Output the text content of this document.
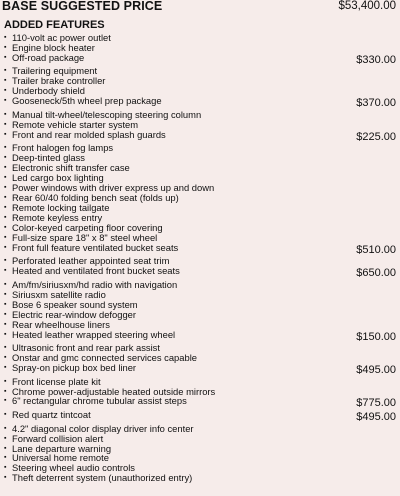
BASE SUGGESTED PRICE	$53,400.00
ADDED FEATURES
▪ 110-volt ac power outlet
▪ Engine block heater
▪ Off-road package	$330.00
▪ Trailering equipment
▪ Trailer brake controller
▪ Underbody shield
▪ Gooseneck/5th wheel prep package	$370.00
▪ Manual tilt-wheel/telescoping steering column
▪ Remote vehicle starter system
▪ Front and rear molded splash guards	$225.00
▪ Front halogen fog lamps
▪ Deep-tinted glass
▪ Electronic shift transfer case
▪ Led cargo box lighting
▪ Power windows with driver express up and down
▪ Rear 60/40 folding bench seat (folds up)
▪ Remote locking tailgate
▪ Remote keyless entry
▪ Color-keyed carpeting floor covering
▪ Full-size spare 18" x 8" steel wheel
▪ Front full feature ventilated bucket seats	$510.00
▪ Perforated leather appointed seat trim
▪ Heated and ventilated front bucket seats	$650.00
▪ Am/fm/siriusxm/hd radio with navigation
▪ Siriusxm satellite radio
▪ Bose 6 speaker sound system
▪ Electric rear-window defogger
▪ Rear wheelhouse liners
▪ Heated leather wrapped steering wheel	$150.00
▪ Ultrasonic front and rear park assist
▪ Onstar and gmc connected services capable
▪ Spray-on pickup box bed liner	$495.00
▪ Front license plate kit
▪ Chrome power-adjustable heated outside mirrors
▪ 6" rectangular chrome tubular assist steps	$775.00
▪ Red quartz tintcoat	$495.00
▪ 4.2" diagonal color display driver info center
▪ Forward collision alert
▪ Lane departure warning
▪ Universal home remote
▪ Steering wheel audio controls
▪ Theft deterrent system (unauthorized entry)
